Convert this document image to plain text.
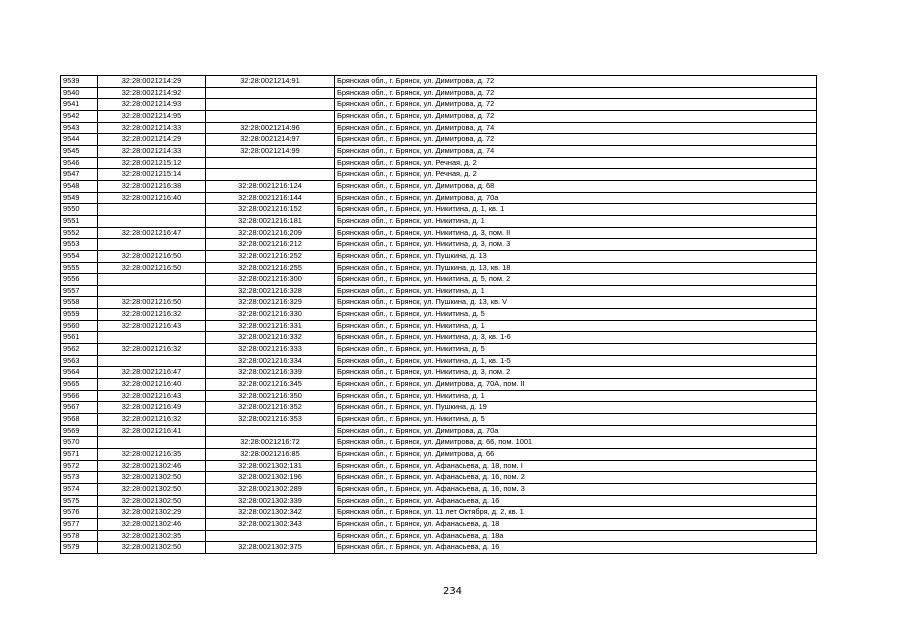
9539	32:28:0021214:29	32:28:0021214:91	Брянская обл., г. Брянск, ул. Димитрова, д. 72
9540	32:28:0021214:92		Брянская обл., г. Брянск, ул. Димитрова, д. 72
9541	32:28:0021214:93		Брянская обл., г. Брянск, ул. Димитрова, д. 72
9542	32:28:0021214:95		Брянская обл., г. Брянск, ул. Димитрова, д. 72
9543	32:28:0021214:33	32:28:0021214:96	Брянская обл., г. Брянск, ул. Димитрова, д. 74
9544	32:28:0021214:29	32:28:0021214:97	Брянская обл., г. Брянск, ул. Димитрова, д. 72
9545	32:28:0021214:33	32:28:0021214:99	Брянская обл., г. Брянск, ул. Димитрова, д. 74
9546	32:28:0021215:12		Брянская обл., г. Брянск, ул. Речная, д. 2
9547	32:28:0021215:14		Брянская обл., г. Брянск, ул. Речная, д. 2
9548	32:28:0021216:38	32:28:0021216:124	Брянская обл., г. Брянск, ул. Димитрова, д. 68
9549	32:28:0021216:40	32:28:0021216:144	Брянская обл., г. Брянск, ул. Димитрова, д. 70а
9550		32:28:0021216:152	Брянская обл., г. Брянск, ул. Никитина, д. 1, кв. 1
9551		32:28:0021216:181	Брянская обл., г. Брянск, ул. Никитина, д. 1
9552	32:28:0021216:47	32:28:0021216:209	Брянская обл., г. Брянск, ул. Никитина, д. 3, пом. II
9553		32:28:0021216:212	Брянская обл., г. Брянск, ул. Никитина, д. 3, пом. 3
9554	32:28:0021216:50	32:28:0021216:252	Брянская обл., г. Брянск, ул. Пушкина, д. 13
9555	32:28:0021216:50	32:28:0021216:255	Брянская обл., г. Брянск, ул. Пушкина, д. 13, кв. 18
9556		32:28:0021216:300	Брянская обл., г. Брянск, ул. Никитина, д. 5, пом. 2
9557		32:28:0021216:328	Брянская обл., г. Брянск, ул. Никитина, д. 1
9558	32:28:0021216:50	32:28:0021216:329	Брянская обл., г. Брянск, ул. Пушкина, д. 13, кв. V
9559	32:28:0021216:32	32:28:0021216:330	Брянская обл., г. Брянск, ул. Никитина, д. 5
9560	32:28:0021216:43	32:28:0021216:331	Брянская обл., г. Брянск, ул. Никитина, д. 1
9561		32:28:0021216:332	Брянская обл., г. Брянск, ул. Никитина, д. 3, кв. 1-6
9562	32:28:0021216:32	32:28:0021216:333	Брянская обл., г. Брянск, ул. Никитина, д. 5
9563		32:28:0021216:334	Брянская обл., г. Брянск, ул. Никитина, д. 1, кв. 1-5
9564	32:28:0021216:47	32:28:0021216:339	Брянская обл., г. Брянск, ул. Никитина, д. 3, пом. 2
9565	32:28:0021216:40	32:28:0021216:345	Брянская обл., г. Брянск, ул. Димитрова, д. 70А, пом. II
9566	32:28:0021216:43	32:28:0021216:350	Брянская обл., г. Брянск, ул. Никитина, д. 1
9567	32:28:0021216:49	32:28:0021216:352	Брянская обл., г. Брянск, ул. Пушкина, д. 19
9568	32:28:0021216:32	32:28:0021216:353	Брянская обл., г. Брянск, ул. Никитина, д. 5
9569	32:28:0021216:41		Брянская обл., г. Брянск, ул. Димитрова, д. 70а
9570		32:28:0021216:72	Брянская обл., г. Брянск, ул. Димитрова, д. 66, пом. 1001
9571	32:28:0021216:35	32:28:0021216:85	Брянская обл., г. Брянск, ул. Димитрова, д. 66
9572	32:28:0021302:46	32:28:0021302:131	Брянская обл., г. Брянск, ул. Афанасьева, д. 18, пом. I
9573	32:28:0021302:50	32:28:0021302:196	Брянская обл., г. Брянск, ул. Афанасьева, д. 16, пом. 2
9574	32:28:0021302:50	32:28:0021302:289	Брянская обл., г. Брянск, ул. Афанасьева, д. 16, пом. 3
9575	32:28:0021302:50	32:28:0021302:339	Брянская обл., г. Брянск, ул. Афанасьева, д. 16
9576	32:28:0021302:29	32:28:0021302:342	Брянская обл., г. Брянск, ул. 11 лет Октября, д. 2, кв. 1
9577	32:28:0021302:46	32:28:0021302:343	Брянская обл., г. Брянск, ул. Афанасьева, д. 18
9578	32:28:0021302:35		Брянская обл., г. Брянск, ул. Афанасьева, д. 18а
9579	32:28:0021302:50	32:28:0021302:375	Брянская обл., г. Брянск, ул. Афанасьева, д. 16
234
